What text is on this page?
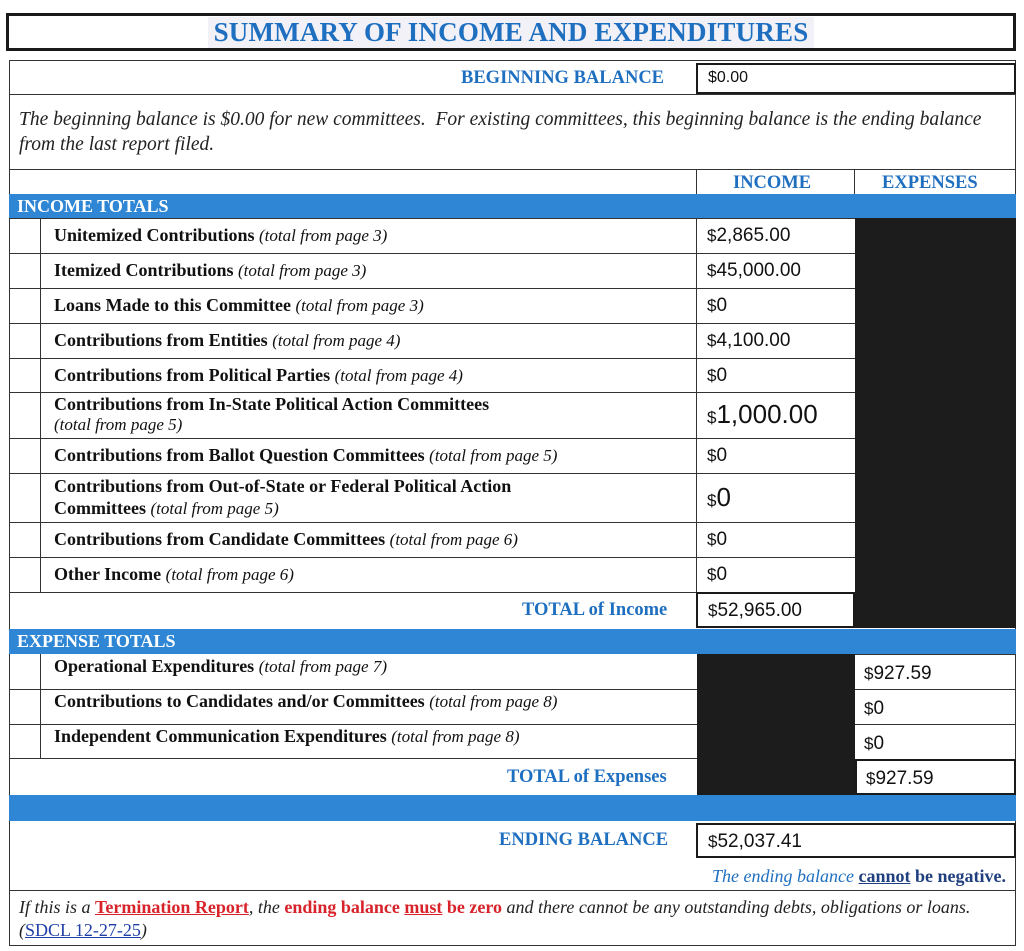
SUMMARY OF INCOME AND EXPENDITURES
BEGINNING BALANCE	$0.00
The beginning balance is $0.00 for new committees. For existing committees, this beginning balance is the ending balance from the last report filed.
INCOME	EXPENSES
INCOME TOTALS
Unitemized Contributions (total from page 3)	$2,865.00
Itemized Contributions (total from page 3)	$45,000.00
Loans Made to this Committee (total from page 3)	$0
Contributions from Entities (total from page 4)	$4,100.00
Contributions from Political Parties (total from page 4)	$0
Contributions from In-State Political Action Committees
(total from page 5)	$1,000.00
Contributions from Ballot Question Committees (total from page 5)	$0
Contributions from Out-of-State or Federal Political Action
Committees (total from page 5)	$0
Contributions from Candidate Committees (total from page 6)	$0
Other Income (total from page 6)	$0
TOTAL of Income $52,965.00
EXPENSE TOTALS
Operational Expenditures (total from page 7)	$927.59
Contributions to Candidates and/or Committees (total from page 8)	$0
Independent Communication Expenditures (total from page 8)	$0
TOTAL of Expenses	$927.59
ENDING BALANCE $52,037.41
The ending balance cannot be negative.
If this is a Termination Report, the ending balance must be zero and there cannot be any outstanding debts, obligations or loans. (SDCL 12-27-25)
